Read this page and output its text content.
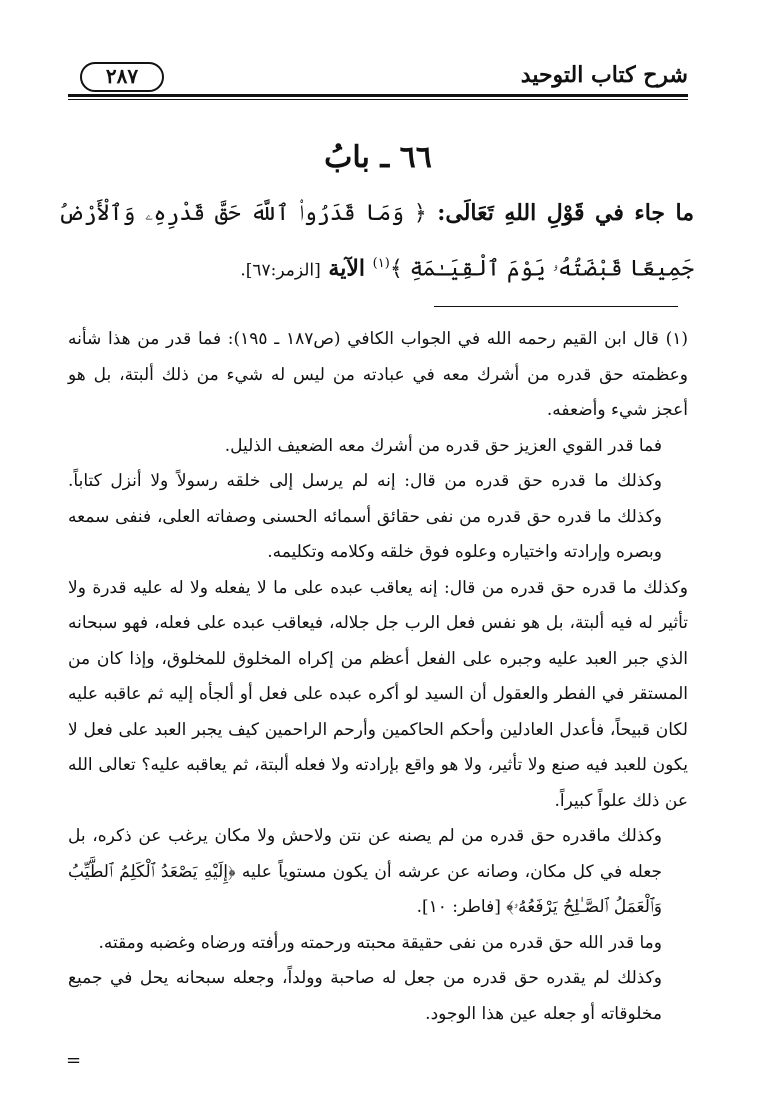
شرح كتاب التوحيد
٢٨٧
٦٦ ـ بابُ
ما جاء في قَوْلِ اللهِ تَعَالَى: ﴿ وَمَا قَدَرُوا۟ ٱللَّهَ حَقَّ قَدْرِهِۦ وَٱلْأَرْضُ جَمِيعًا قَبْضَتُهُۥ يَوْمَ ٱلْقِيَـٰمَةِ ﴾$^{(١)}$ الآية [الزمر:٦٧].

(١) قال ابن القيم رحمه الله في الجواب الكافي (ص١٨٧ ـ ١٩٥): فما قدر من هذا شأنه وعظمته حق قدره من أشرك معه في عبادته من ليس له شيء من ذلك ألبتة، بل هو أعجز شيء وأضعفه.

فما قدر القوي العزيز حق قدره من أشرك معه الضعيف الذليل.

وكذلك ما قدره حق قدره من قال: إنه لم يرسل إلى خلقه رسولاً ولا أنزل كتاباً. وكذلك ما قدره حق قدره من نفى حقائق أسمائه الحسنى وصفاته العلى، فنفى سمعه وبصره وإرادته واختياره وعلوه فوق خلقه وكلامه وتكليمه.

وكذلك ما قدره حق قدره من قال: إنه يعاقب عبده على ما لا يفعله ولا له عليه قدرة ولا تأثير له فيه ألبتة، بل هو نفس فعل الرب جل جلاله، فيعاقب عبده على فعله، فهو سبحانه الذي جبر العبد عليه وجبره على الفعل أعظم من إكراه المخلوق للمخلوق، وإذا كان من المستقر في الفطر والعقول أن السيد لو أكره عبده على فعل أو ألجأه إليه ثم عاقبه عليه لكان قبيحاً، فأعدل العادلين وأحكم الحاكمين وأرحم الراحمين كيف يجبر العبد على فعل لا يكون للعبد فيه صنع ولا تأثير، ولا هو واقع بإرادته ولا فعله ألبتة، ثم يعاقبه عليه؟ تعالى الله عن ذلك علواً كبيراً.

وكذلك ماقدره حق قدره من لم يصنه عن نتن ولاحش ولا مكان يرغب عن ذكره، بل جعله في كل مكان، وصانه عن عرشه أن يكون مستوياً عليه ﴿إِلَيْهِ يَصْعَدُ ٱلْكَلِمُ ٱلطَّيِّبُ وَٱلْعَمَلُ ٱلصَّـٰلِحُ يَرْفَعُهُۥ﴾ [فاطر: ١٠].

وما قدر الله حق قدره من نفى حقيقة محبته ورحمته ورأفته ورضاه وغضبه ومقته.

وكذلك لم يقدره حق قدره من جعل له صاحبة وولداً، وجعله سبحانه يحل في جميع مخلوقاته أو جعله عين هذا الوجود.

=
